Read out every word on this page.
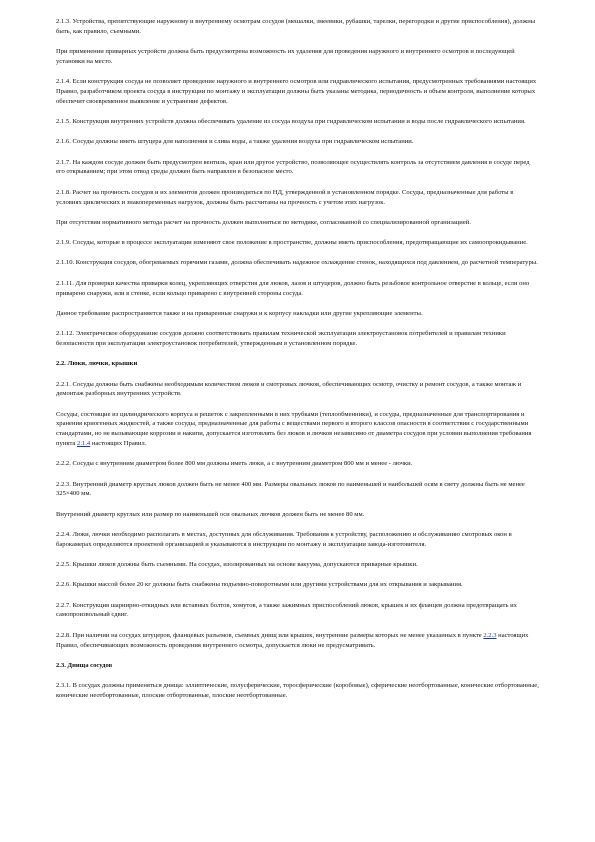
2.1.3. Устройства, препятствующие наружному и внутреннему осмотрам сосудов (мешалки, змеевики, рубашки, тарелки, перегородки и другие приспособления), должны быть, как правило, съемными.

При применении приварных устройств должна быть предусмотрена возможность их удаления для проведения наружного и внутреннего осмотров и последующей установки на место.

2.1.4. Если конструкция сосуда не позволяет проведение наружного и внутреннего осмотров или гидравлического испытания, предусмотренных требованиями настоящих Правил, разработчиком проекта сосуда в инструкции по монтажу и эксплуатации должны быть указаны методика, периодичность и объем контроля, выполнение которых обеспечит своевременное выявление и устранение дефектов.

2.1.5. Конструкция внутренних устройств должна обеспечивать удаление из сосуда воздуха при гидравлическом испытании и воды после гидравлического испытания.

2.1.6. Сосуды должны иметь штуцера для наполнения и слива воды, а также удаления воздуха при гидравлическом испытании.

2.1.7. На каждом сосуде должен быть предусмотрен вентиль, кран или другое устройство, позволяющее осуществлять контроль за отсутствием давления в сосуде перед его открыванием; при этом отвод среды должен быть направлен в безопасное место.

2.1.8. Расчет на прочность сосудов и их элементов должен производиться по НД, утвержденной в установленном порядке. Сосуды, предназначенные для работы в условиях циклических и знакопеременных нагрузок, должны быть рассчитаны на прочность с учетом этих нагрузок.

При отсутствии нормативного метода расчет на прочность должен выполняться по методике, согласованной со специализированной организацией.

2.1.9. Сосуды, которые в процессе эксплуатации изменяют свое положение в пространстве, должны иметь приспособления, предотвращающие их самоопрокидывание.

2.1.10. Конструкция сосудов, обогреваемых горячими газами, должна обеспечивать надежное охлаждение стенок, находящихся под давлением, до расчетной температуры.

2.1.11. Для проверки качества приварки колец, укрепляющих отверстия для люков, лазов и штуцеров, должно быть резьбовое контрольное отверстие в кольце, если оно приварено снаружи, или в стенке, если кольцо приварено с внутренней стороны сосуда.

Данное требование распространяется также и на приваренные снаружи и к корпусу накладки или другие укрепляющие элементы.

2.1.12. Электрическое оборудование сосудов должно соответствовать правилам технической эксплуатации электроустановок потребителей и правилам техники безопасности при эксплуатации электроустановок потребителей, утвержденным в установленном порядке.

2.2. Люки, лючки, крышки

2.2.1. Сосуды должны быть снабжены необходимым количеством люков и смотровых лючков, обеспечивающих осмотр, очистку и ремонт сосудов, а также монтаж и демонтаж разборных внутренних устройств.

Сосуды, состоящие из цилиндрического корпуса и решеток с закрепленными в них трубками (теплообменники), и сосуды, предназначенные для транспортирования и хранения криогенных жидкостей, а также сосуды, предназначенные для работы с веществами первого и второго классов опасности в соответствии с государственными стандартами, но не вызывающие коррозии и накипи, допускается изготовлять без люков и лючков независимо от диаметра сосудов при условии выполнения требования пункта 2.1.4 настоящих Правил.

2.2.2. Сосуды с внутренним диаметром более 800 мм должны иметь люки, а с внутренним диаметром 800 мм и менее - лючки.

2.2.3. Внутренний диаметр круглых люков должен быть не менее 400 мм. Размеры овальных люков по наименьшей и наибольшей осям в свету должны быть не менее 325×400 мм.

Внутренний диаметр круглых или размер по наименьшей оси овальных лючков должен быть не менее 80 мм.

2.2.4. Люки, лючки необходимо располагать в местах, доступных для обслуживания. Требования к устройству, расположению и обслуживанию смотровых окон в барокамерах определяются проектной организацией и указываются в инструкции по монтажу и эксплуатации завода-изготовителя.

2.2.5. Крышки люков должны быть съемными. На сосудах, изолированных на основе вакуума, допускаются приварные крышки.

2.2.6. Крышки массой более 20 кг должны быть снабжены подъемно-поворотными или другими устройствами для их открывания и закрывания.

2.2.7. Конструкция шарнирно-откидных или вставных болтов, хомутов, а также зажимных приспособлений люков, крышек и их фланцев должна предотвращать их самопроизвольный сдвиг.

2.2.8. При наличии на сосудах штуцеров, фланцевых разъемов, съемных днищ или крышек, внутренние размеры которых не менее указанных в пункте 2.2.3 настоящих Правил, обеспечивающих возможность проведения внутреннего осмотра, допускается люки не предусматривать.

2.3. Днища сосудов

2.3.1. В сосудах должны применяться днища: эллиптические, полусферические, торосферические (коробовые), сферические неотбортованные, конические отбортованные, конические неотбортованные, плоские отбортованные, плоские неотбортованные.
